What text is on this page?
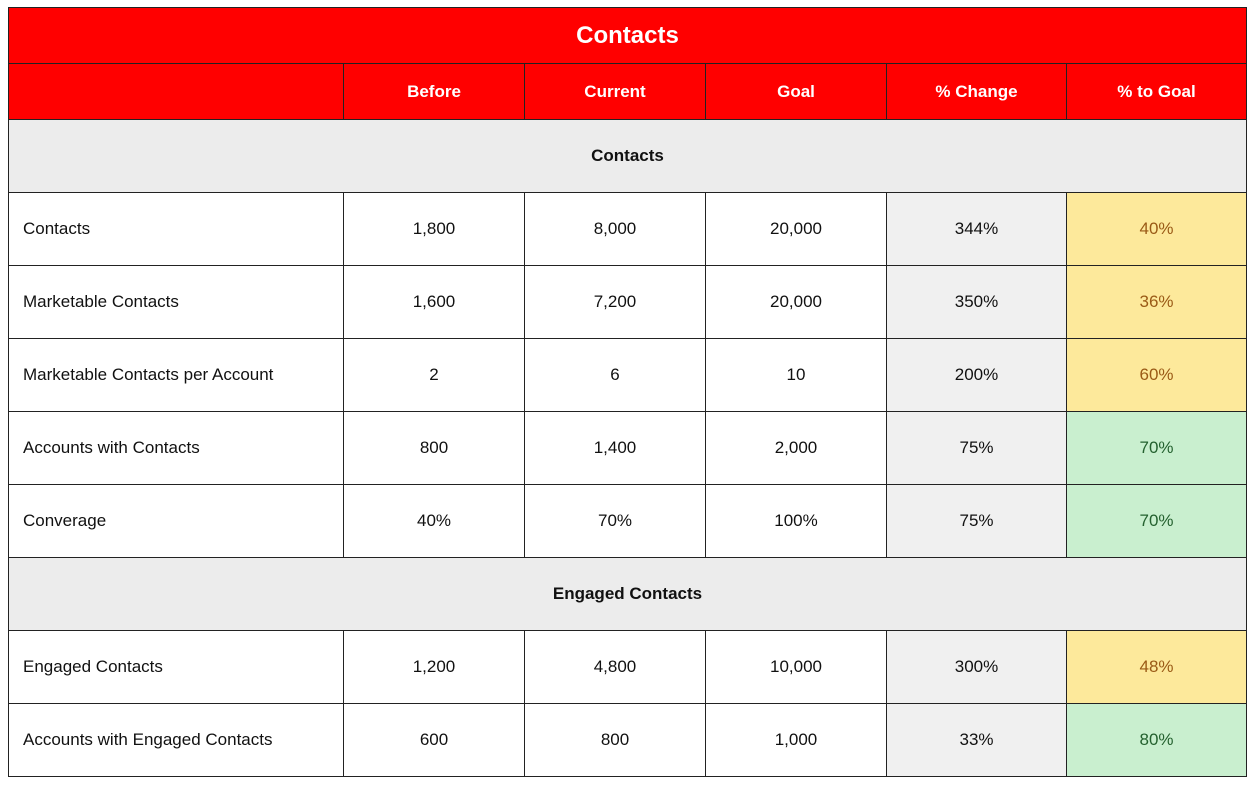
Contacts					
	Before	Current	Goal	% Change	% to Goal
Contacts					
Contacts	1,800	8,000	20,000	344%	40%
Marketable Contacts	1,600	7,200	20,000	350%	36%
Marketable Contacts per Account	2	6	10	200%	60%
Accounts with Contacts	800	1,400	2,000	75%	70%
Converage	40%	70%	100%	75%	70%
Engaged Contacts					
Engaged Contacts	1,200	4,800	10,000	300%	48%
Accounts with Engaged Contacts	600	800	1,000	33%	80%
